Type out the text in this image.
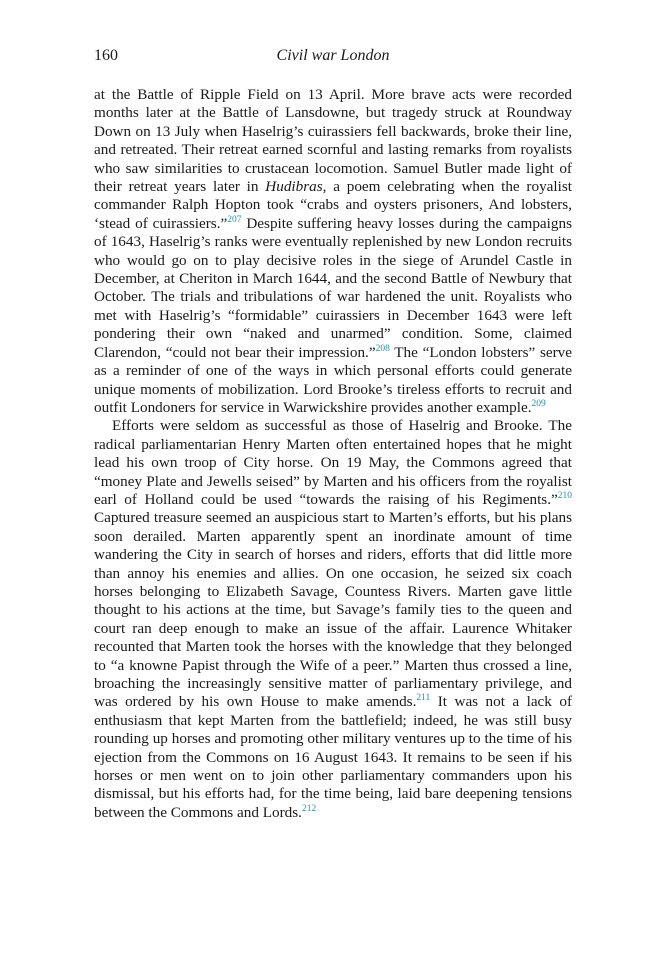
160	Civil war London

at the Battle of Ripple Field on 13 April. More brave acts were recorded months later at the Battle of Lansdowne, but tragedy struck at Roundway Down on 13 July when Haselrig’s cuirassiers fell backwards, broke their line, and retreated. Their retreat earned scornful and lasting remarks from royalists who saw similarities to crustacean locomotion. Samuel Butler made light of their retreat years later in Hudibras, a poem celebrating when the royalist commander Ralph Hopton took “crabs and oysters prisoners, And lobsters, ‘stead of cuirassiers.”$^{207}$ Despite suffering heavy losses during the campaigns of 1643, Haselrig’s ranks were eventually replenished by new London recruits who would go on to play decisive roles in the siege of Arundel Castle in December, at Cheriton in March 1644, and the second Battle of Newbury that October. The trials and tribulations of war hardened the unit. Royalists who met with Haselrig’s “formidable” cuirassiers in December 1643 were left pondering their own “naked and unarmed” condition. Some, claimed Clarendon, “could not bear their impression.”$^{208}$ The “London lobsters” serve as a reminder of one of the ways in which personal efforts could generate unique moments of mobilization. Lord Brooke’s tireless efforts to recruit and outfit Londoners for service in Warwickshire provides another example.$^{209}$

Efforts were seldom as successful as those of Haselrig and Brooke. The radical parliamentarian Henry Marten often entertained hopes that he might lead his own troop of City horse. On 19 May, the Commons agreed that “money Plate and Jewells seised” by Marten and his officers from the royalist earl of Holland could be used “towards the raising of his Regiments.”$^{210}$ Captured treasure seemed an auspicious start to Marten’s efforts, but his plans soon derailed. Marten apparently spent an inordinate amount of time wandering the City in search of horses and riders, efforts that did little more than annoy his enemies and allies. On one occasion, he seized six coach horses belonging to Elizabeth Savage, Countess Rivers. Marten gave little thought to his actions at the time, but Savage’s family ties to the queen and court ran deep enough to make an issue of the affair. Laurence Whitaker recounted that Marten took the horses with the knowledge that they belonged to “a knowne Papist through the Wife of a peer.” Marten thus crossed a line, broaching the increasingly sensitive matter of parliamentary privilege, and was ordered by his own House to make amends.$^{211}$ It was not a lack of enthusiasm that kept Marten from the battlefield; indeed, he was still busy rounding up horses and promoting other military ventures up to the time of his ejection from the Commons on 16 August 1643. It remains to be seen if his horses or men went on to join other parliamentary commanders upon his dismissal, but his efforts had, for the time being, laid bare deepening tensions between the Commons and Lords.$^{212}$
